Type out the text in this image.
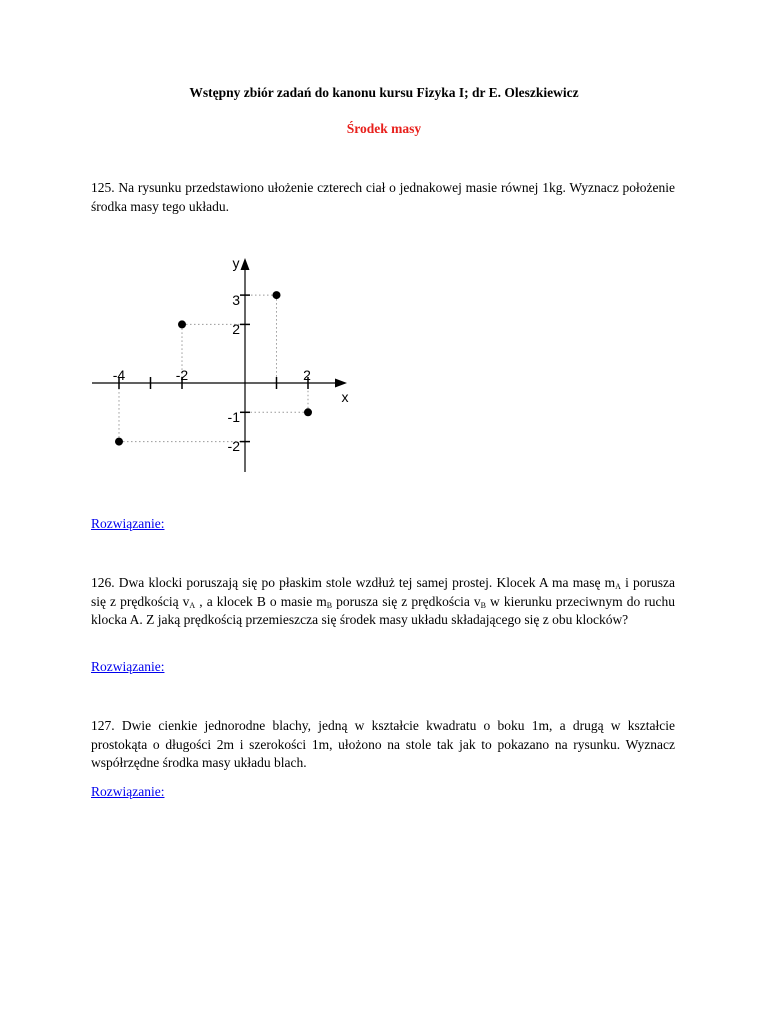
Wstępny zbiór zadań do kanonu kursu Fizyka I; dr E. Oleszkiewicz
Środek masy
125. Na rysunku przedstawiono ułożenie czterech ciał o jednakowej masie równej 1kg. Wyznacz położenie środka masy tego układu.
-4	-2	2
3
2
-1
-2
x
y
Rozwiązanie:
126. Dwa klocki poruszają się po płaskim stole wzdłuż tej samej prostej. Klocek A ma masę $m_A$ i porusza się z prędkością $v_A$ , a klocek B o masie $m_B$ porusza się z prędkościa $v_B$ w kierunku przeciwnym do ruchu klocka A. Z jaką prędkością przemieszcza się środek masy układu składającego się z obu klocków?
Rozwiązanie:
127. Dwie cienkie jednorodne blachy, jedną w kształcie kwadratu o boku 1m, a drugą w kształcie prostokąta o długości 2m i szerokości 1m, ułożono na stole tak jak to pokazano na rysunku. Wyznacz współrzędne środka masy układu blach.
Rozwiązanie:
